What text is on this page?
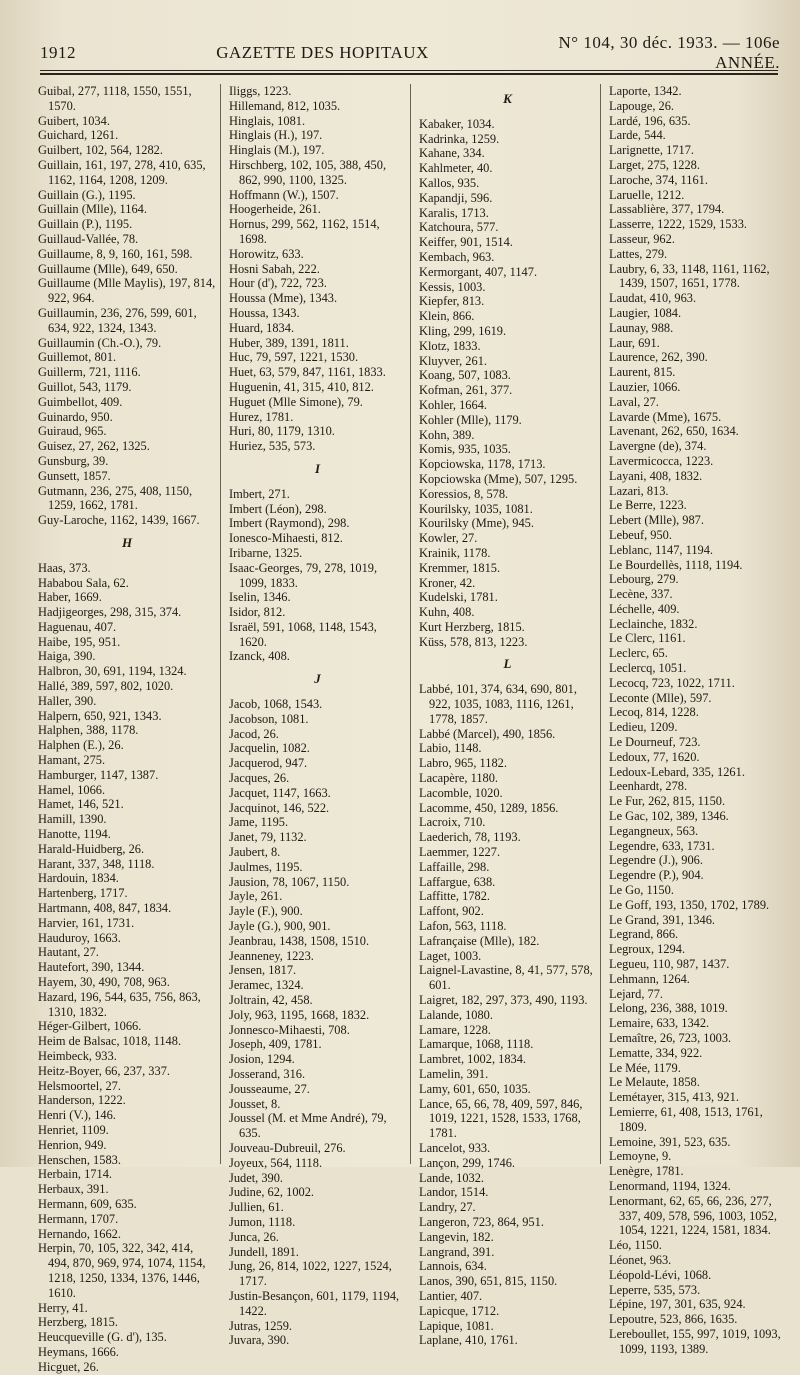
1912	GAZETTE DES HOPITAUX
N° 104, 30 déc. 1933. — 106e ANNÉE.

Guibal, 277, 1118, 1550, 1551, 1570.

Guibert, 1034.

Guichard, 1261.

Guilbert, 102, 564, 1282.

Guillain, 161, 197, 278, 410, 635, 1162, 1164, 1208, 1209.

Guillain (G.), 1195.

Guillain (Mlle), 1164.

Guillain (P.), 1195.

Guillaud-Vallée, 78.

Guillaume, 8, 9, 160, 161, 598.

Guillaume (Mlle), 649, 650.

Guillaume (Mlle Maylis), 197, 814, 922, 964.

Guillaumin, 236, 276, 599, 601, 634, 922, 1324, 1343.

Guillaumin (Ch.-O.), 79.

Guillemot, 801.

Guillerm, 721, 1116.

Guillot, 543, 1179.

Guimbellot, 409.

Guinardo, 950.

Guiraud, 965.

Guisez, 27, 262, 1325.

Gunsburg, 39.

Gunsett, 1857.

Gutmann, 236, 275, 408, 1150, 1259, 1662, 1781.

Guy-Laroche, 1162, 1439, 1667.

H

Haas, 373.

Hababou Sala, 62.

Haber, 1669.

Hadjigeorges, 298, 315, 374.

Haguenau, 407.

Haibe, 195, 951.

Haiga, 390.

Halbron, 30, 691, 1194, 1324.

Hallé, 389, 597, 802, 1020.

Haller, 390.

Halpern, 650, 921, 1343.

Halphen, 388, 1178.

Halphen (E.), 26.

Hamant, 275.

Hamburger, 1147, 1387.

Hamel, 1066.

Hamet, 146, 521.

Hamill, 1390.

Hanotte, 1194.

Harald-Huidberg, 26.

Harant, 337, 348, 1118.

Hardouin, 1834.

Hartenberg, 1717.

Hartmann, 408, 847, 1834.

Harvier, 161, 1731.

Hauduroy, 1663.

Hautant, 27.

Hautefort, 390, 1344.

Hayem, 30, 490, 708, 963.

Hazard, 196, 544, 635, 756, 863, 1310, 1832.

Héger-Gilbert, 1066.

Heim de Balsac, 1018, 1148.

Heimbeck, 933.

Heitz-Boyer, 66, 237, 337.

Helsmoortel, 27.

Handerson, 1222.

Henri (V.), 146.

Henriet, 1109.

Henrion, 949.

Henschen, 1583.

Herbain, 1714.

Herbaux, 391.

Hermann, 609, 635.

Hermann, 1707.

Hernando, 1662.

Herpin, 70, 105, 322, 342, 414, 494, 870, 969, 974, 1074, 1154, 1218, 1250, 1334, 1376, 1446, 1610.

Herry, 41.

Herzberg, 1815.

Heucqueville (G. d'), 135.

Heymans, 1666.

Hicguet, 26.

Iliggs, 1223.

Hillemand, 812, 1035.

Hinglais, 1081.

Hinglais (H.), 197.

Hinglais (M.), 197.

Hirschberg, 102, 105, 388, 450, 862, 990, 1100, 1325.

Hoffmann (W.), 1507.

Hoogerheide, 261.

Hornus, 299, 562, 1162, 1514, 1698.

Horowitz, 633.

Hosni Sabah, 222.

Hour (d'), 722, 723.

Houssa (Mme), 1343.

Houssa, 1343.

Huard, 1834.

Huber, 389, 1391, 1811.

Huc, 79, 597, 1221, 1530.

Huet, 63, 579, 847, 1161, 1833.

Huguenin, 41, 315, 410, 812.

Huguet (Mlle Simone), 79.

Hurez, 1781.

Huri, 80, 1179, 1310.

Huriez, 535, 573.

I

Imbert, 271.

Imbert (Léon), 298.

Imbert (Raymond), 298.

Ionesco-Mihaesti, 812.

Iribarne, 1325.

Isaac-Georges, 79, 278, 1019, 1099, 1833.

Iselin, 1346.

Isidor, 812.

Israël, 591, 1068, 1148, 1543, 1620.

Izanck, 408.

J

Jacob, 1068, 1543.

Jacobson, 1081.

Jacod, 26.

Jacquelin, 1082.

Jacquerod, 947.

Jacques, 26.

Jacquet, 1147, 1663.

Jacquinot, 146, 522.

Jame, 1195.

Janet, 79, 1132.

Jaubert, 8.

Jaulmes, 1195.

Jausion, 78, 1067, 1150.

Jayle, 261.

Jayle (F.), 900.

Jayle (G.), 900, 901.

Jeanbrau, 1438, 1508, 1510.

Jeanneney, 1223.

Jensen, 1817.

Jeramec, 1324.

Joltrain, 42, 458.

Joly, 963, 1195, 1668, 1832.

Jonnesco-Mihaesti, 708.

Joseph, 409, 1781.

Josion, 1294.

Josserand, 316.

Jousseaume, 27.

Jousset, 8.

Joussel (M. et Mme André), 79, 635.

Jouveau-Dubreuil, 276.

Joyeux, 564, 1118.

Judet, 390.

Judine, 62, 1002.

Jullien, 61.

Jumon, 1118.

Junca, 26.

Jundell, 1891.

Jung, 26, 814, 1022, 1227, 1524, 1717.

Justin-Besançon, 601, 1179, 1194, 1422.

Jutras, 1259.

Juvara, 390.

K

Kabaker, 1034.

Kadrinka, 1259.

Kahane, 334.

Kahlmeter, 40.

Kallos, 935.

Kapandji, 596.

Karalis, 1713.

Katchoura, 577.

Keiffer, 901, 1514.

Kembach, 963.

Kermorgant, 407, 1147.

Kessis, 1003.

Kiepfer, 813.

Klein, 866.

Kling, 299, 1619.

Klotz, 1833.

Kluyver, 261.

Koang, 507, 1083.

Kofman, 261, 377.

Kohler, 1664.

Kohler (Mlle), 1179.

Kohn, 389.

Komis, 935, 1035.

Kopciowska, 1178, 1713.

Kopciowska (Mme), 507, 1295.

Koressios, 8, 578.

Kourilsky, 1035, 1081.

Kourilsky (Mme), 945.

Kowler, 27.

Krainik, 1178.

Kremmer, 1815.

Kroner, 42.

Kudelski, 1781.

Kuhn, 408.

Kurt Herzberg, 1815.

Küss, 578, 813, 1223.

L

Labbé, 101, 374, 634, 690, 801, 922, 1035, 1083, 1116, 1261, 1778, 1857.

Labbé (Marcel), 490, 1856.

Labio, 1148.

Labro, 965, 1182.

Lacapère, 1180.

Lacomble, 1020.

Lacomme, 450, 1289, 1856.

Lacroix, 710.

Laederich, 78, 1193.

Laemmer, 1227.

Laffaille, 298.

Laffargue, 638.

Laffitte, 1782.

Laffont, 902.

Lafon, 563, 1118.

Lafrançaise (Mlle), 182.

Laget, 1003.

Laignel-Lavastine, 8, 41, 577, 578, 601.

Laigret, 182, 297, 373, 490, 1193.

Lalande, 1080.

Lamare, 1228.

Lamarque, 1068, 1118.

Lambret, 1002, 1834.

Lamelin, 391.

Lamy, 601, 650, 1035.

Lance, 65, 66, 78, 409, 597, 846, 1019, 1221, 1528, 1533, 1768, 1781.

Lancelot, 933.

Lançon, 299, 1746.

Lande, 1032.

Landor, 1514.

Landry, 27.

Langeron, 723, 864, 951.

Langevin, 182.

Langrand, 391.

Lannois, 634.

Lanos, 390, 651, 815, 1150.

Lantier, 407.

Lapicque, 1712.

Lapique, 1081.

Laplane, 410, 1761.

Laporte, 1342.

Lapouge, 26.

Lardé, 196, 635.

Larde, 544.

Larignette, 1717.

Larget, 275, 1228.

Laroche, 374, 1161.

Laruelle, 1212.

Lassablière, 377, 1794.

Lasserre, 1222, 1529, 1533.

Lasseur, 962.

Lattes, 279.

Laubry, 6, 33, 1148, 1161, 1162, 1439, 1507, 1651, 1778.

Laudat, 410, 963.

Laugier, 1084.

Launay, 988.

Laur, 691.

Laurence, 262, 390.

Laurent, 815.

Lauzier, 1066.

Laval, 27.

Lavarde (Mme), 1675.

Lavenant, 262, 650, 1634.

Lavergne (de), 374.

Lavermicocca, 1223.

Layani, 408, 1832.

Lazari, 813.

Le Berre, 1223.

Lebert (Mlle), 987.

Lebeuf, 950.

Leblanc, 1147, 1194.

Le Bourdellès, 1118, 1194.

Lebourg, 279.

Lecène, 337.

Léchelle, 409.

Leclainche, 1832.

Le Clerc, 1161.

Leclerc, 65.

Leclercq, 1051.

Lecocq, 723, 1022, 1711.

Leconte (Mlle), 597.

Lecoq, 814, 1228.

Ledieu, 1209.

Le Dourneuf, 723.

Ledoux, 77, 1620.

Ledoux-Lebard, 335, 1261.

Leenhardt, 278.

Le Fur, 262, 815, 1150.

Le Gac, 102, 389, 1346.

Legangneux, 563.

Legendre, 633, 1731.

Legendre (J.), 906.

Legendre (P.), 904.

Le Go, 1150.

Le Goff, 193, 1350, 1702, 1789.

Le Grand, 391, 1346.

Legrand, 866.

Legroux, 1294.

Legueu, 110, 987, 1437.

Lehmann, 1264.

Lejard, 77.

Lelong, 236, 388, 1019.

Lemaire, 633, 1342.

Lemaître, 26, 723, 1003.

Lematte, 334, 922.

Le Mée, 1179.

Le Melaute, 1858.

Lemétayer, 315, 413, 921.

Lemierre, 61, 408, 1513, 1761, 1809.

Lemoine, 391, 523, 635.

Lemoyne, 9.

Lenègre, 1781.

Lenormand, 1194, 1324.

Lenormant, 62, 65, 66, 236, 277, 337, 409, 578, 596, 1003, 1052, 1054, 1221, 1224, 1581, 1834.

Léo, 1150.

Léonet, 963.

Léopold-Lévi, 1068.

Leperre, 535, 573.

Lépine, 197, 301, 635, 924.

Lepoutre, 523, 866, 1635.

Lereboullet, 155, 997, 1019, 1093, 1099, 1193, 1389.
